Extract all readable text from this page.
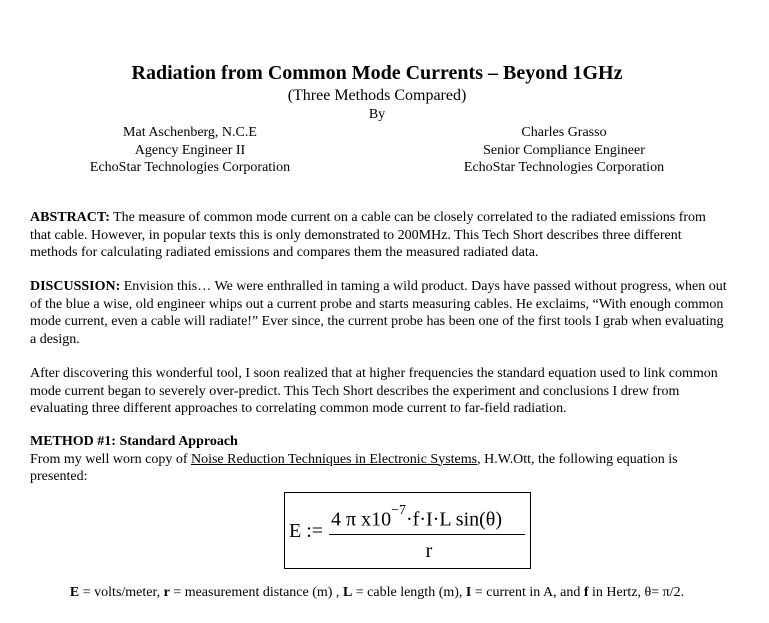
Radiation from Common Mode Currents – Beyond 1GHz
(Three Methods Compared)
By
Mat Aschenberg, N.C.E
Agency Engineer II
EchoStar Technologies Corporation
Charles Grasso
Senior Compliance Engineer
EchoStar Technologies Corporation
ABSTRACT: The measure of common mode current on a cable can be closely correlated to the radiated emissions from that cable. However, in popular texts this is only demonstrated to 200MHz. This Tech Short describes three different methods for calculating radiated emissions and compares them the measured radiated data.
DISCUSSION: Envision this… We were enthralled in taming a wild product. Days have passed without progress, when out of the blue a wise, old engineer whips out a current probe and starts measuring cables. He exclaims, “With enough common mode current, even a cable will radiate!” Ever since, the current probe has been one of the first tools I grab when evaluating a design.
After discovering this wonderful tool, I soon realized that at higher frequencies the standard equation used to link common mode current began to severely over-predict. This Tech Short describes the experiment and conclusions I drew from evaluating three different approaches to correlating common mode current to far-field radiation.
METHOD #1: Standard Approach
From my well worn copy of Noise Reduction Techniques in Electronic Systems, H.W.Ott, the following equation is presented:
E :=
4 π $x10^{-7}\cdot f\cdot I\cdot L$ sin(θ)
r
E = volts/meter, r = measurement distance (m) , L = cable length (m), I = current in A, and f in Hertz, θ= π/2.
